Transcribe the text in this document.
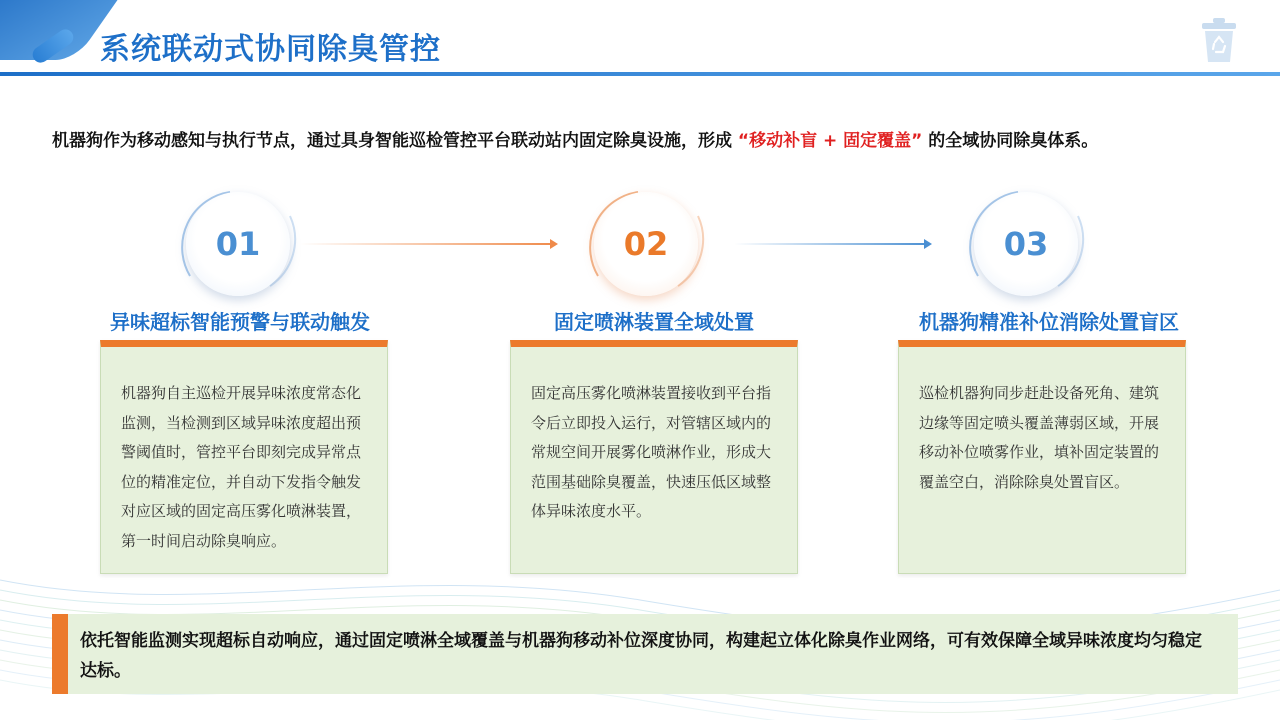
系统联动式协同除臭管控
机器狗作为移动感知与执行节点，通过具身智能巡检管控平台联动站内固定除臭设施，形成 “移动补盲 + 固定覆盖” 的全域协同除臭体系。
01	02	03
异味超标智能预警与联动触发	固定喷淋装置全域处置	机器狗精准补位消除处置盲区
机器狗自主巡检开展异味浓度常态化监测，当检测到区域异味浓度超出预警阈值时，管控平台即刻完成异常点位的精准定位，并自动下发指令触发对应区域的固定高压雾化喷淋装置，第一时间启动除臭响应。
固定高压雾化喷淋装置接收到平台指令后立即投入运行，对管辖区域内的常规空间开展雾化喷淋作业，形成大范围基础除臭覆盖，快速压低区域整体异味浓度水平。
巡检机器狗同步赶赴设备死角、建筑边缘等固定喷头覆盖薄弱区域，开展移动补位喷雾作业，填补固定装置的覆盖空白，消除除臭处置盲区。
依托智能监测实现超标自动响应，通过固定喷淋全域覆盖与机器狗移动补位深度协同，构建起立体化除臭作业网络，可有效保障全域异味浓度均匀稳定达标。
